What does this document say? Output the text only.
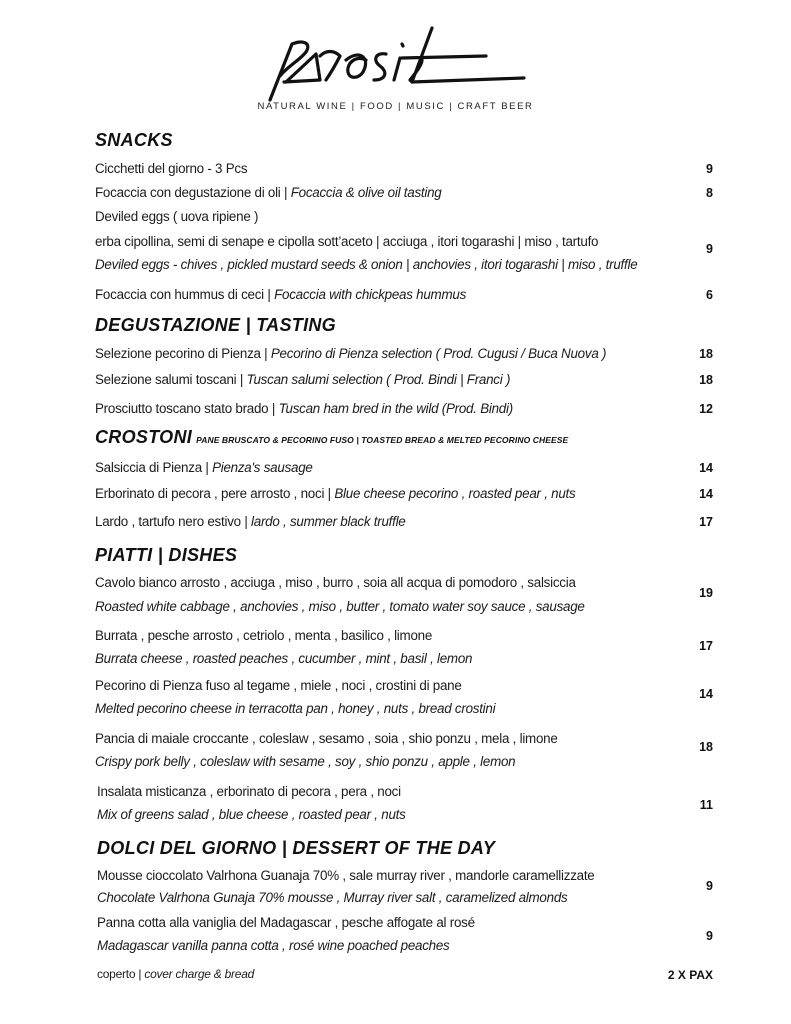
NATURAL WINE | FOOD | MUSIC | CRAFT BEER
SNACKS
Cicchetti del giorno - 3 Pcs	9
Focaccia con degustazione di oli | Focaccia & olive oil tasting	8
Deviled eggs ( uova ripiene )
erba cipollina, semi di senape e cipolla sott’aceto | acciuga , itori togarashi | miso , tartufo
Deviled eggs - chives , pickled mustard seeds & onion | anchovies , itori togarashi | miso , truffle
9
Focaccia con hummus di ceci | Focaccia with chickpeas hummus	6
DEGUSTAZIONE | TASTING
Selezione pecorino di Pienza | Pecorino di Pienza selection ( Prod. Cugusi / Buca Nuova )	18
Selezione salumi toscani | Tuscan salumi selection ( Prod. Bindi | Franci )	18
Prosciutto toscano stato brado | Tuscan ham bred in the wild (Prod. Bindi)	12
CROSTONI PANE BRUSCATO & PECORINO FUSO | TOASTED BREAD & MELTED PECORINO CHEESE
Salsiccia di Pienza | Pienza's sausage	14
Erborinato di pecora , pere arrosto , noci | Blue cheese pecorino , roasted pear , nuts	14
Lardo , tartufo nero estivo | lardo , summer black truffle	17
PIATTI | DISHES
Cavolo bianco arrosto , acciuga , miso , burro , soia all acqua di pomodoro , salsiccia
Roasted white cabbage , anchovies , miso , butter , tomato water soy sauce , sausage
19
Burrata , pesche arrosto , cetriolo , menta , basilico , limone
Burrata cheese , roasted peaches , cucumber , mint , basil , lemon
17
Pecorino di Pienza fuso al tegame , miele , noci , crostini di pane
Melted pecorino cheese in terracotta pan , honey , nuts , bread crostini
14
Pancia di maiale croccante , coleslaw , sesamo , soia , shio ponzu , mela , limone
Crispy pork belly , coleslaw with sesame , soy , shio ponzu , apple , lemon
18
Insalata misticanza , erborinato di pecora , pera , noci
Mix of greens salad , blue cheese , roasted pear , nuts
11
DOLCI DEL GIORNO | DESSERT OF THE DAY
Mousse cioccolato Valrhona Guanaja 70% , sale murray river , mandorle caramellizzate
Chocolate Valrhona Gunaja 70% mousse , Murray river salt , caramelized almonds
9
Panna cotta alla vaniglia del Madagascar , pesche affogate al rosé
Madagascar vanilla panna cotta , rosé wine poached peaches
9
coperto | cover charge & bread	2 X PAX
